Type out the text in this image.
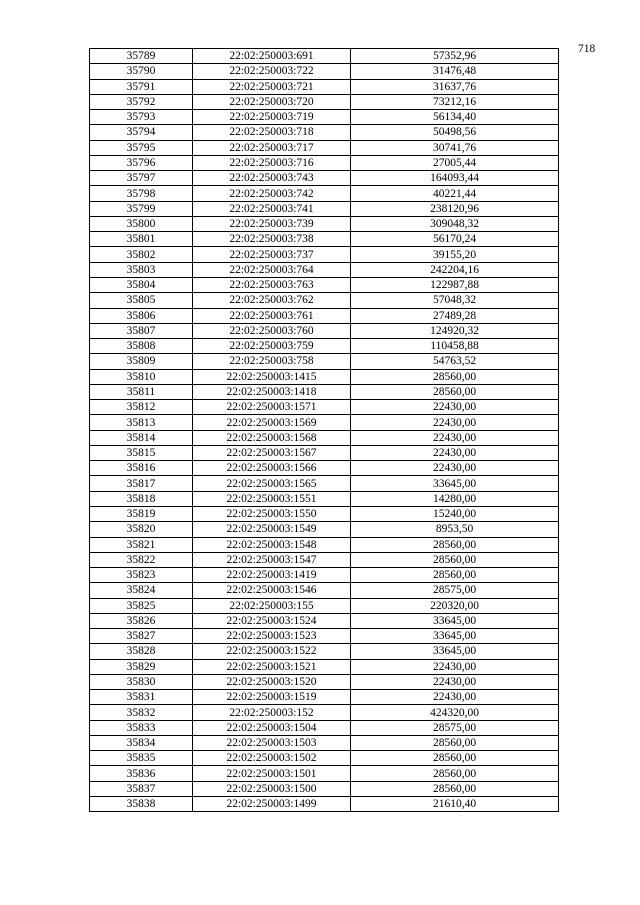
718
35789	22:02:250003:691	57352,96
35790	22:02:250003:722	31476,48
35791	22:02:250003:721	31637,76
35792	22:02:250003:720	73212,16
35793	22:02:250003:719	56134,40
35794	22:02:250003:718	50498,56
35795	22:02:250003:717	30741,76
35796	22:02:250003:716	27005,44
35797	22:02:250003:743	164093,44
35798	22:02:250003:742	40221,44
35799	22:02:250003:741	238120,96
35800	22:02:250003:739	309048,32
35801	22:02:250003:738	56170,24
35802	22:02:250003:737	39155,20
35803	22:02:250003:764	242204,16
35804	22:02:250003:763	122987,88
35805	22:02:250003:762	57048,32
35806	22:02:250003:761	27489,28
35807	22:02:250003:760	124920,32
35808	22:02:250003:759	110458,88
35809	22:02:250003:758	54763,52
35810	22:02:250003:1415	28560,00
35811	22:02:250003:1418	28560,00
35812	22:02:250003:1571	22430,00
35813	22:02:250003:1569	22430,00
35814	22:02:250003:1568	22430,00
35815	22:02:250003:1567	22430,00
35816	22:02:250003:1566	22430,00
35817	22:02:250003:1565	33645,00
35818	22:02:250003:1551	14280,00
35819	22:02:250003:1550	15240,00
35820	22:02:250003:1549	8953,50
35821	22:02:250003:1548	28560,00
35822	22:02:250003:1547	28560,00
35823	22:02:250003:1419	28560,00
35824	22:02:250003:1546	28575,00
35825	22:02:250003:155	220320,00
35826	22:02:250003:1524	33645,00
35827	22:02:250003:1523	33645,00
35828	22:02:250003:1522	33645,00
35829	22:02:250003:1521	22430,00
35830	22:02:250003:1520	22430,00
35831	22:02:250003:1519	22430,00
35832	22:02:250003:152	424320,00
35833	22:02:250003:1504	28575,00
35834	22:02:250003:1503	28560,00
35835	22:02:250003:1502	28560,00
35836	22:02:250003:1501	28560,00
35837	22:02:250003:1500	28560,00
35838	22:02:250003:1499	21610,40
